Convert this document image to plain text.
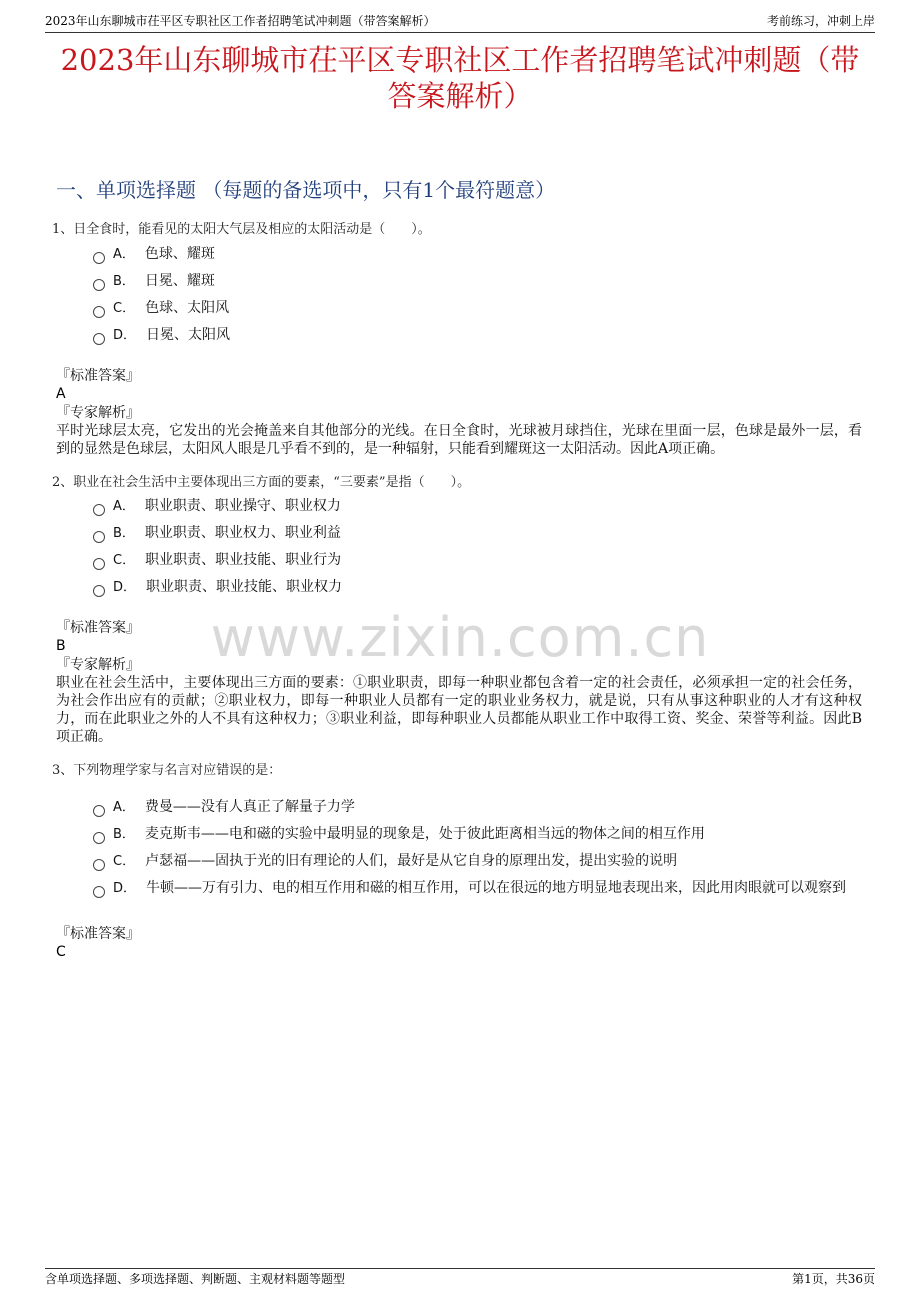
2023年山东聊城市茌平区专职社区工作者招聘笔试冲刺题（带答案解析）	考前练习，冲刺上岸
2023年山东聊城市茌平区专职社区工作者招聘笔试冲刺题（带答案解析）
一、单项选择题 （每题的备选项中，只有1个最符题意）
1、日全食时，能看见的太阳大气层及相应的太阳活动是（　　）。
A． 色球、耀斑
B． 日冕、耀斑
C． 色球、太阳风
D． 日冕、太阳风
『标准答案』
A
『专家解析』
平时光球层太亮，它发出的光会掩盖来自其他部分的光线。在日全食时，光球被月球挡住，光球在里面一层，色球是最外一层，看到的显然是色球层，太阳风人眼是几乎看不到的，是一种辐射，只能看到耀斑这一太阳活动。因此A项正确。
2、职业在社会生活中主要体现出三方面的要素，“三要素”是指（　　）。
A． 职业职责、职业操守、职业权力
B． 职业职责、职业权力、职业利益
C． 职业职责、职业技能、职业行为
D． 职业职责、职业技能、职业权力
『标准答案』
B
『专家解析』
职业在社会生活中，主要体现出三方面的要素：①职业职责，即每一种职业都包含着一定的社会责任，必须承担一定的社会任务，为社会作出应有的贡献；②职业权力，即每一种职业人员都有一定的职业业务权力，就是说，只有从事这种职业的人才有这种权力，而在此职业之外的人不具有这种权力；③职业利益，即每种职业人员都能从职业工作中取得工资、奖金、荣誉等利益。因此B项正确。
3、下列物理学家与名言对应错误的是：
A． 费曼——没有人真正了解量子力学
B． 麦克斯韦——电和磁的实验中最明显的现象是，处于彼此距离相当远的物体之间的相互作用
C． 卢瑟福——固执于光的旧有理论的人们，最好是从它自身的原理出发，提出实验的说明
D． 牛顿——万有引力、电的相互作用和磁的相互作用，可以在很远的地方明显地表现出来，因此用肉眼就可以观察到
『标准答案』
C
www.zixin.com.cn
含单项选择题、多项选择题、判断题、主观材料题等题型	第1页，共36页
